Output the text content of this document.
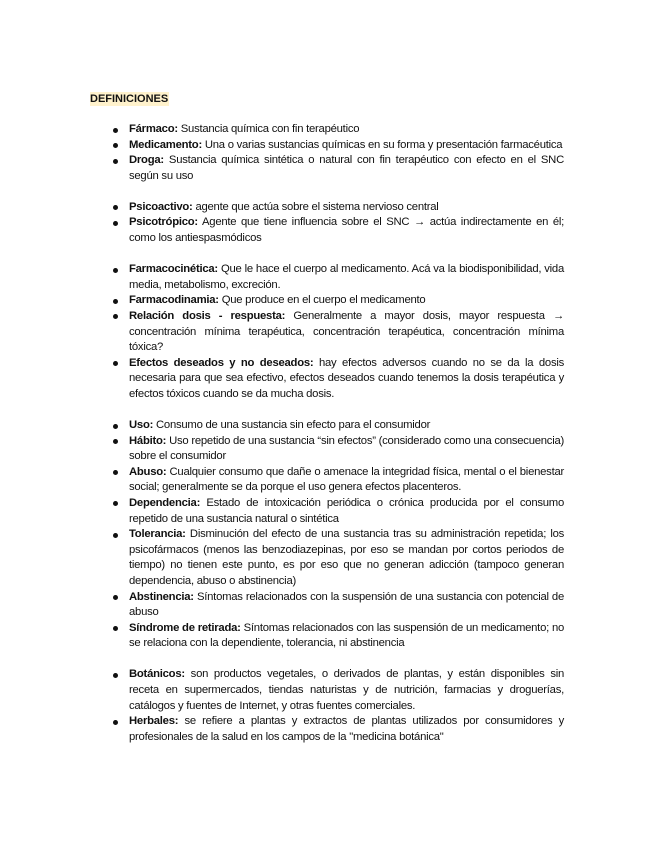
DEFINICIONES
Fármaco: Sustancia química con fin terapéutico
Medicamento: Una o varias sustancias químicas en su forma y presentación farmacéutica
Droga: Sustancia química sintética o natural con fin terapéutico con efecto en el SNC según su uso
Psicoactivo: agente que actúa sobre el sistema nervioso central
Psicotrópico: Agente que tiene influencia sobre el SNC → actúa indirectamente en él; como los antiespasmódicos
Farmacocinética: Que le hace el cuerpo al medicamento. Acá va la biodisponibilidad, vida media, metabolismo, excreción.
Farmacodinamia: Que produce en el cuerpo el medicamento
Relación dosis - respuesta: Generalmente a mayor dosis, mayor respuesta → concentración mínima terapéutica, concentración terapéutica, concentración mínima tóxica?
Efectos deseados y no deseados: hay efectos adversos cuando no se da la dosis necesaria para que sea efectivo, efectos deseados cuando tenemos la dosis terapéutica y efectos tóxicos cuando se da mucha dosis.
Uso: Consumo de una sustancia sin efecto para el consumidor
Hábito: Uso repetido de una sustancia “sin efectos” (considerado como una consecuencia) sobre el consumidor
Abuso: Cualquier consumo que dañe o amenace la integridad física, mental o el bienestar social; generalmente se da porque el uso genera efectos placenteros.
Dependencia: Estado de intoxicación periódica o crónica producida por el consumo repetido de una sustancia natural o sintética
Tolerancia: Disminución del efecto de una sustancia tras su administración repetida; los psicofármacos (menos las benzodiazepinas, por eso se mandan por cortos periodos de tiempo) no tienen este punto, es por eso que no generan adicción (tampoco generan dependencia, abuso o abstinencia)
Abstinencia: Síntomas relacionados con la suspensión de una sustancia con potencial de abuso
Síndrome de retirada: Síntomas relacionados con las suspensión de un medicamento; no se relaciona con la dependiente, tolerancia, ni abstinencia
Botánicos: son productos vegetales, o derivados de plantas, y están disponibles sin receta en supermercados, tiendas naturistas y de nutrición, farmacias y droguerías, catálogos y fuentes de Internet, y otras fuentes comerciales.
Herbales: se refiere a plantas y extractos de plantas utilizados por consumidores y profesionales de la salud en los campos de la "medicina botánica"
